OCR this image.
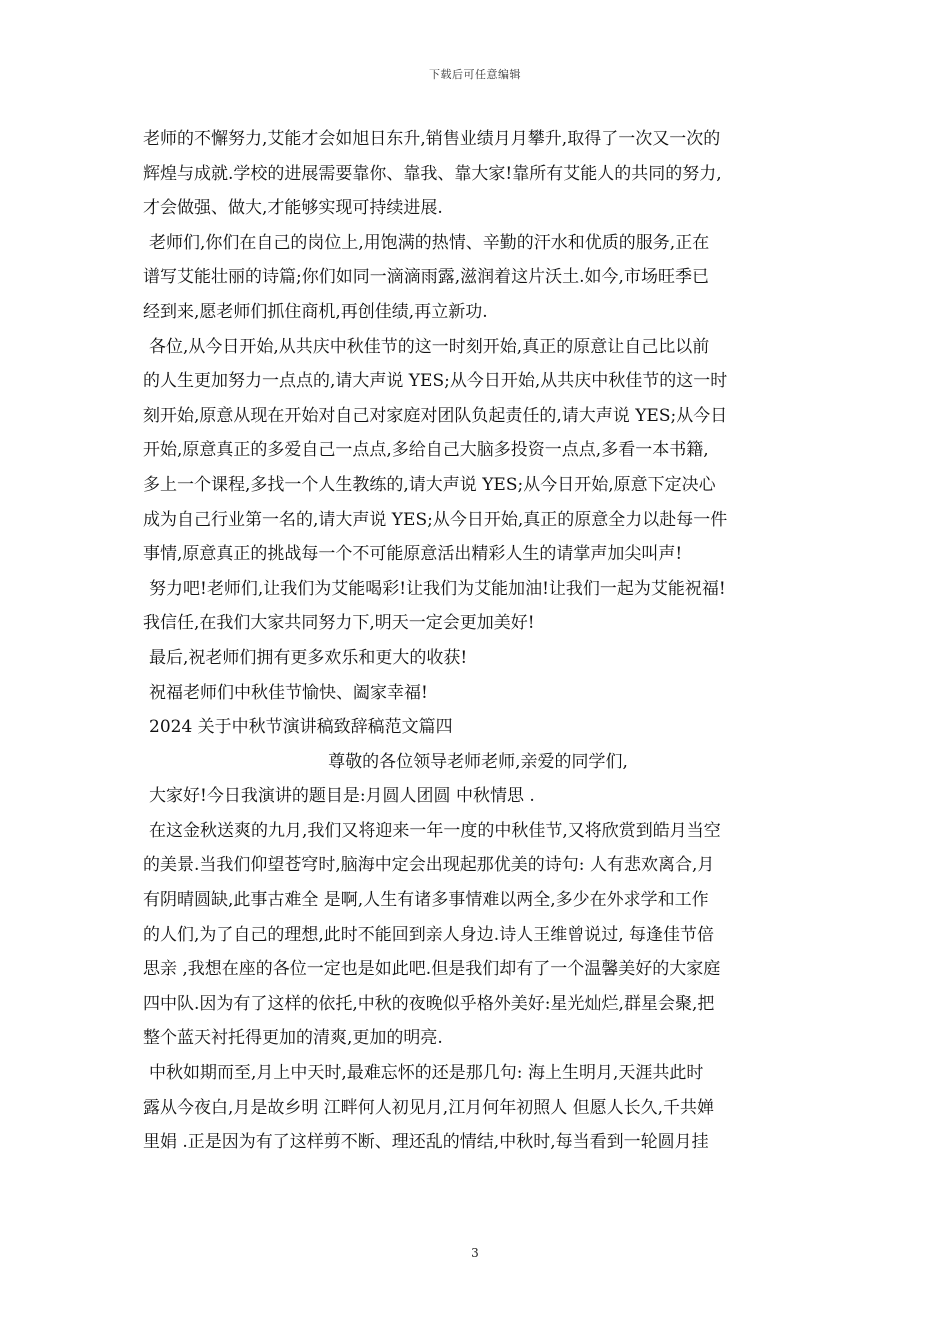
下载后可任意编辑
老师的不懈努力,艾能才会如旭日东升,销售业绩月月攀升,取得了一次又一次的
辉煌与成就.学校的进展需要靠你、靠我、靠大家!靠所有艾能人的共同的努力,
才会做强、做大,才能够实现可持续进展.
老师们,你们在自己的岗位上,用饱满的热情、辛勤的汗水和优质的服务,正在
谱写艾能壮丽的诗篇;你们如同一滴滴雨露,滋润着这片沃土.如今,市场旺季已
经到来,愿老师们抓住商机,再创佳绩,再立新功.
各位,从今日开始,从共庆中秋佳节的这一时刻开始,真正的原意让自己比以前
的人生更加努力一点点的,请大声说 YES;从今日开始,从共庆中秋佳节的这一时
刻开始,原意从现在开始对自己对家庭对团队负起责任的,请大声说 YES;从今日
开始,原意真正的多爱自己一点点,多给自己大脑多投资一点点,多看一本书籍,
多上一个课程,多找一个人生教练的,请大声说 YES;从今日开始,原意下定决心
成为自己行业第一名的,请大声说 YES;从今日开始,真正的原意全力以赴每一件
事情,原意真正的挑战每一个不可能原意活出精彩人生的请掌声加尖叫声!
努力吧!老师们,让我们为艾能喝彩!让我们为艾能加油!让我们一起为艾能祝福!
我信任,在我们大家共同努力下,明天一定会更加美好!
最后,祝老师们拥有更多欢乐和更大的收获!
祝福老师们中秋佳节愉快、阖家幸福!
2024 关于中秋节演讲稿致辞稿范文篇四
尊敬的各位领导老师老师,亲爱的同学们,
大家好!今日我演讲的题目是:月圆人团圆 中秋情思 .
在这金秋送爽的九月,我们又将迎来一年一度的中秋佳节,又将欣赏到皓月当空
的美景.当我们仰望苍穹时,脑海中定会出现起那优美的诗句: 人有悲欢离合,月
有阴晴圆缺,此事古难全 是啊,人生有诸多事情难以两全,多少在外求学和工作
的人们,为了自己的理想,此时不能回到亲人身边.诗人王维曾说过, 每逢佳节倍
思亲 ,我想在座的各位一定也是如此吧.但是我们却有了一个温馨美好的大家庭
四中队.因为有了这样的依托,中秋的夜晚似乎格外美好:星光灿烂,群星会聚,把
整个蓝天衬托得更加的清爽,更加的明亮.
中秋如期而至,月上中天时,最难忘怀的还是那几句: 海上生明月,天涯共此时
露从今夜白,月是故乡明 江畔何人初见月,江月何年初照人 但愿人长久,千共婵
里娟 .正是因为有了这样剪不断、理还乱的情结,中秋时,每当看到一轮圆月挂
3
